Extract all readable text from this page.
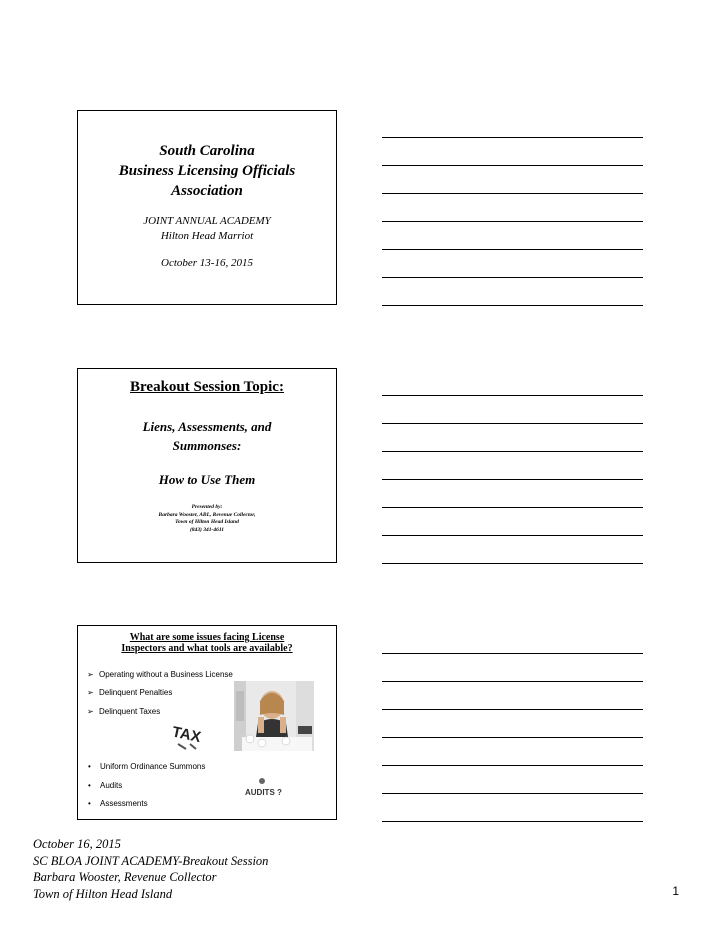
South Carolina
Business Licensing Officials
Association
JOINT ANNUAL ACADEMY
Hilton Head Marriot
October 13-16, 2015
Breakout Session Topic:
Liens, Assessments, and
Summonses:
How to Use Them
Presented by:
Barbara Wooster, ABL, Revenue Collector,
Town of Hilton Head Island
(843) 341-4611
What are some issues facing License
Inspectors and what tools are available?
➢ Operating without a Business License
➢ Delinquent Penalties
➢ Delinquent Taxes
TAX
• Uniform Ordinance Summons
• Audits
• Assessments
AUDITS ?
October 16, 2015
SC BLOA JOINT ACADEMY-Breakout Session
Barbara Wooster, Revenue Collector
Town of Hilton Head Island	1
